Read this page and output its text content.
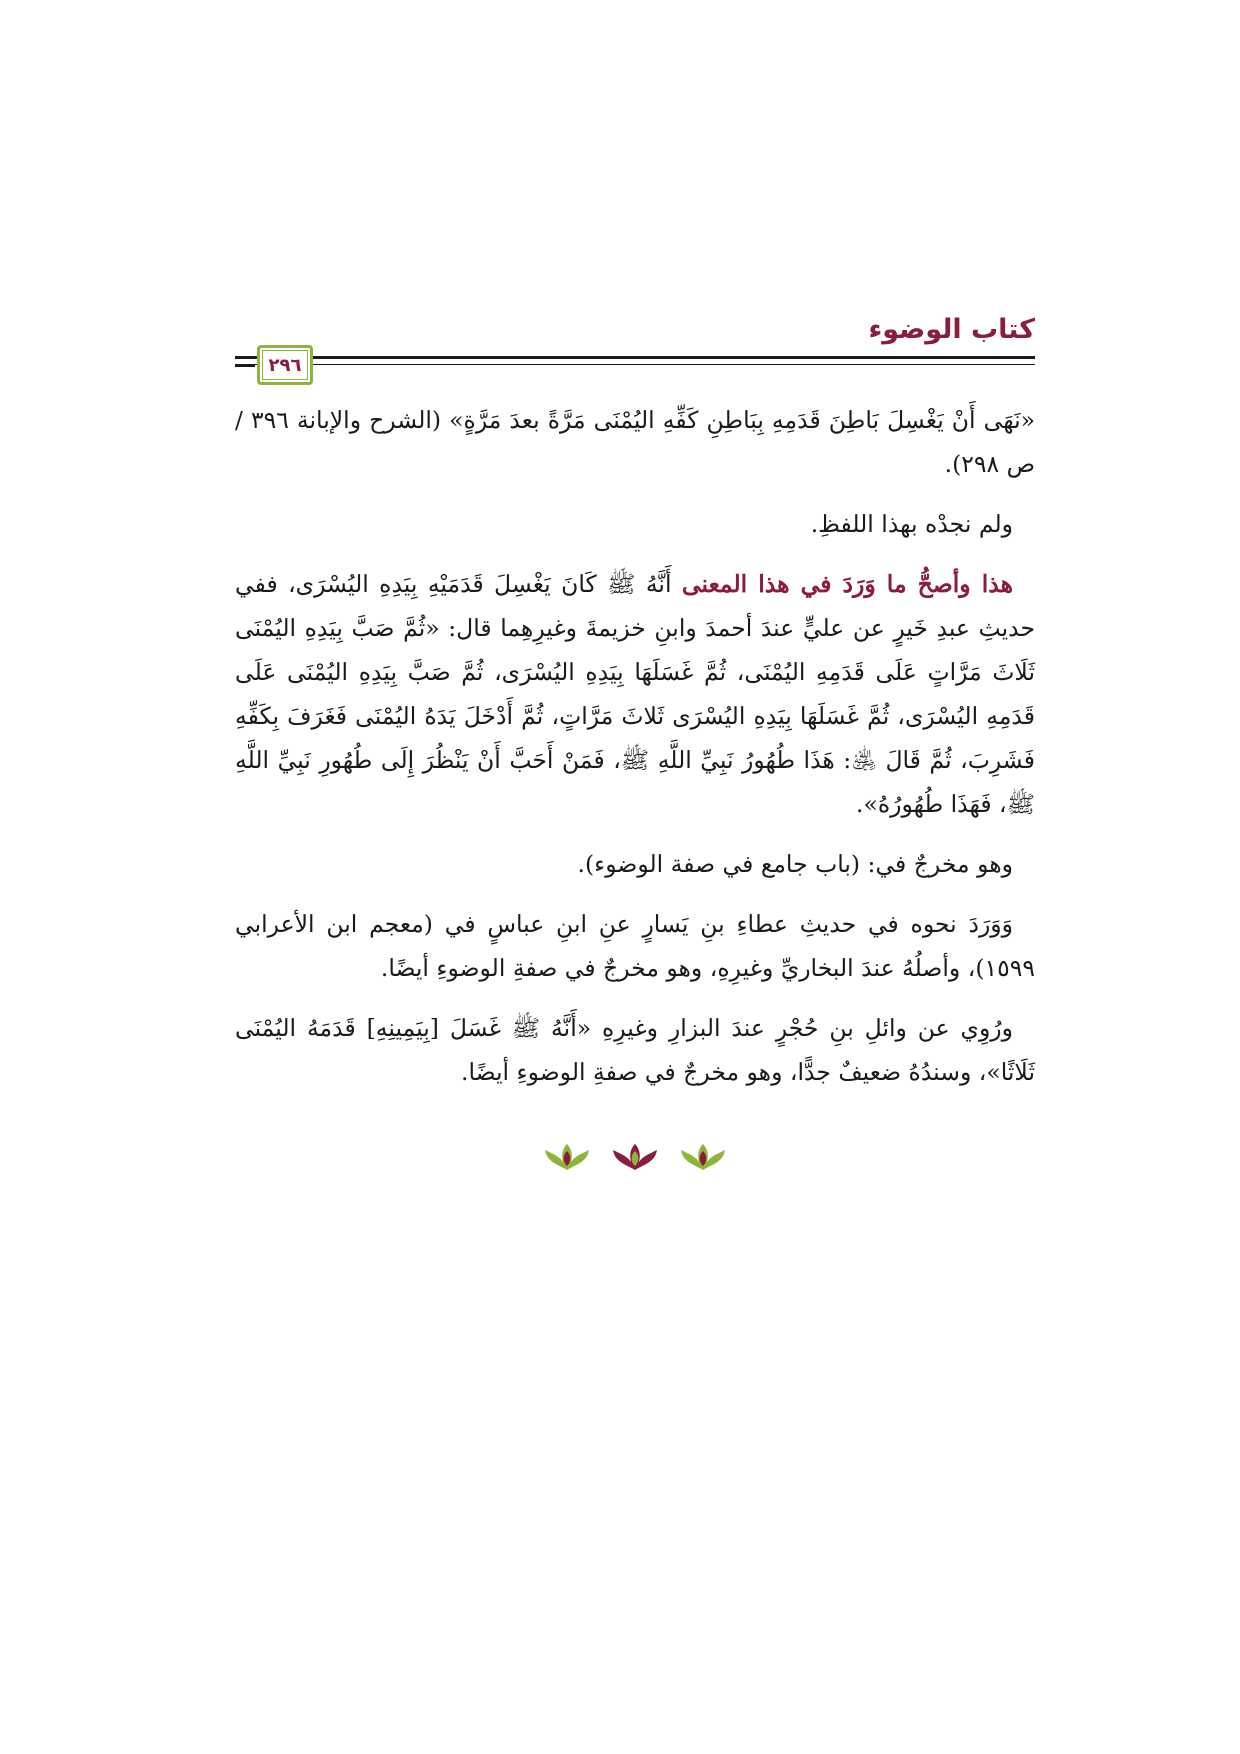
كتاب الوضوء
٢٩٦

«نَهَى أَنْ يَغْسِلَ بَاطِنَ قَدَمِهِ بِبَاطِنِ كَفِّهِ اليُمْنَى مَرَّةً بعدَ مَرَّةٍ» (الشرح والإبانة ٣٩٦ / ص ٢٩٨).

ولم نجدْه بهذا اللفظِ.

هذا وأصحُّ ما وَرَدَ في هذا المعنى أَنَّهُ ﷺ كَانَ يَغْسِلَ قَدَمَيْهِ بِيَدِهِ اليُسْرَى، ففي حديثِ عبدِ خَيرٍ عن عليٍّ عندَ أحمدَ وابنِ خزيمةَ وغيرِهِما قال: «ثُمَّ صَبَّ بِيَدِهِ اليُمْنَى ثَلَاثَ مَرَّاتٍ عَلَى قَدَمِهِ اليُمْنَى، ثُمَّ غَسَلَهَا بِيَدِهِ اليُسْرَى، ثُمَّ صَبَّ بِيَدِهِ اليُمْنَى عَلَى قَدَمِهِ اليُسْرَى، ثُمَّ غَسَلَهَا بِيَدِهِ اليُسْرَى ثَلاثَ مَرَّاتٍ، ثُمَّ أَدْخَلَ يَدَهُ اليُمْنَى فَغَرَفَ بِكَفِّهِ فَشَرِبَ، ثُمَّ قَالَ ﵁: هَذَا طُهُورُ نَبِيِّ اللَّهِ ﷺ، فَمَنْ أَحَبَّ أَنْ يَنْظُرَ إِلَى طُهُورِ نَبِيِّ اللَّهِ ﷺ، فَهَذَا طُهُورُهُ».

وهو مخرجٌ في: (باب جامع في صفة الوضوء).

وَوَرَدَ نحوه في حديثِ عطاءِ بنِ يَسارٍ عنِ ابنِ عباسٍ في (معجم ابن الأعرابي ١٥٩٩)، وأصلُهُ عندَ البخاريِّ وغيرِهِ، وهو مخرجٌ في صفةِ الوضوءِ أيضًا.

ورُوِي عن وائلِ بنِ حُجْرٍ عندَ البزارِ وغيرِهِ «أَنَّهُ ﷺ غَسَلَ [بِيَمِينِهِ] قَدَمَهُ اليُمْنَى ثَلَاثًا»، وسندُهُ ضعيفٌ جدًّا، وهو مخرجٌ في صفةِ الوضوءِ أيضًا.
